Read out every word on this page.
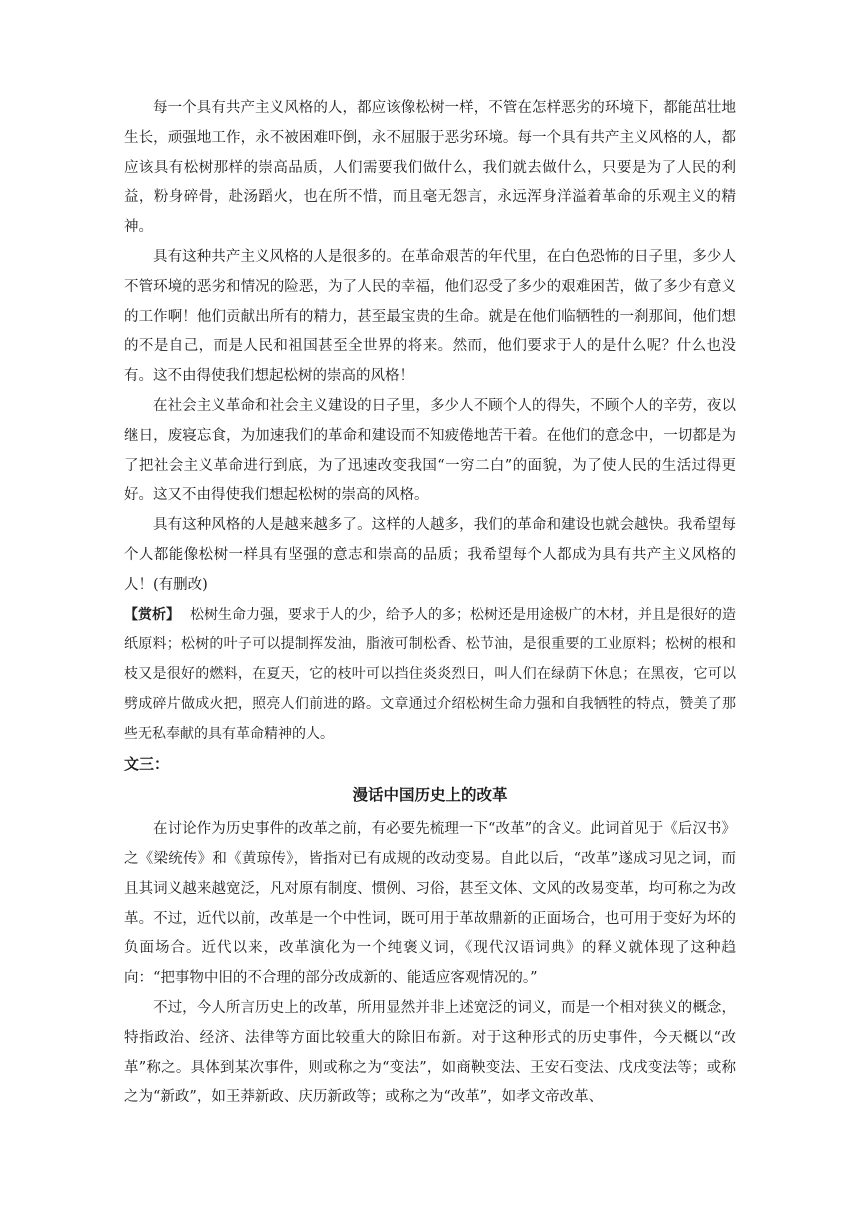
每一个具有共产主义风格的人，都应该像松树一样，不管在怎样恶劣的环境下，都能茁壮地生长，顽强地工作，永不被困难吓倒，永不屈服于恶劣环境。每一个具有共产主义风格的人，都应该具有松树那样的崇高品质，人们需要我们做什么，我们就去做什么，只要是为了人民的利益，粉身碎骨，赴汤蹈火，也在所不惜，而且毫无怨言，永远浑身洋溢着革命的乐观主义的精神。

具有这种共产主义风格的人是很多的。在革命艰苦的年代里，在白色恐怖的日子里，多少人不管环境的恶劣和情况的险恶，为了人民的幸福，他们忍受了多少的艰难困苦，做了多少有意义的工作啊！他们贡献出所有的精力，甚至最宝贵的生命。就是在他们临牺牲的一刹那间，他们想的不是自己，而是人民和祖国甚至全世界的将来。然而，他们要求于人的是什么呢？什么也没有。这不由得使我们想起松树的崇高的风格！

在社会主义革命和社会主义建设的日子里，多少人不顾个人的得失，不顾个人的辛劳，夜以继日，废寝忘食，为加速我们的革命和建设而不知疲倦地苦干着。在他们的意念中，一切都是为了把社会主义革命进行到底，为了迅速改变我国“一穷二白”的面貌，为了使人民的生活过得更好。这又不由得使我们想起松树的崇高的风格。

具有这种风格的人是越来越多了。这样的人越多，我们的革命和建设也就会越快。我希望每个人都能像松树一样具有坚强的意志和崇高的品质；我希望每个人都成为具有共产主义风格的人！(有删改)

【赏析】 松树生命力强，要求于人的少，给予人的多；松树还是用途极广的木材，并且是很好的造纸原料；松树的叶子可以提制挥发油，脂液可制松香、松节油，是很重要的工业原料；松树的根和枝又是很好的燃料，在夏天，它的枝叶可以挡住炎炎烈日，叫人们在绿荫下休息；在黑夜，它可以劈成碎片做成火把，照亮人们前进的路。文章通过介绍松树生命力强和自我牺牲的特点，赞美了那些无私奉献的具有革命精神的人。

文三：

漫话中国历史上的改革

在讨论作为历史事件的改革之前，有必要先梳理一下“改革”的含义。此词首见于《后汉书》之《梁统传》和《黄琼传》，皆指对已有成规的改动变易。自此以后，“改革”遂成习见之词，而且其词义越来越宽泛，凡对原有制度、惯例、习俗，甚至文体、文风的改易变革，均可称之为改革。不过，近代以前，改革是一个中性词，既可用于革故鼎新的正面场合，也可用于变好为坏的负面场合。近代以来，改革演化为一个纯褒义词，《现代汉语词典》的释义就体现了这种趋向：“把事物中旧的不合理的部分改成新的、能适应客观情况的。”

不过，今人所言历史上的改革，所用显然并非上述宽泛的词义，而是一个相对狭义的概念，特指政治、经济、法律等方面比较重大的除旧布新。对于这种形式的历史事件，今天概以“改革”称之。具体到某次事件，则或称之为“变法”，如商鞅变法、王安石变法、戊戌变法等；或称之为“新政”，如王莽新政、庆历新政等；或称之为“改革”，如孝文帝改革、
